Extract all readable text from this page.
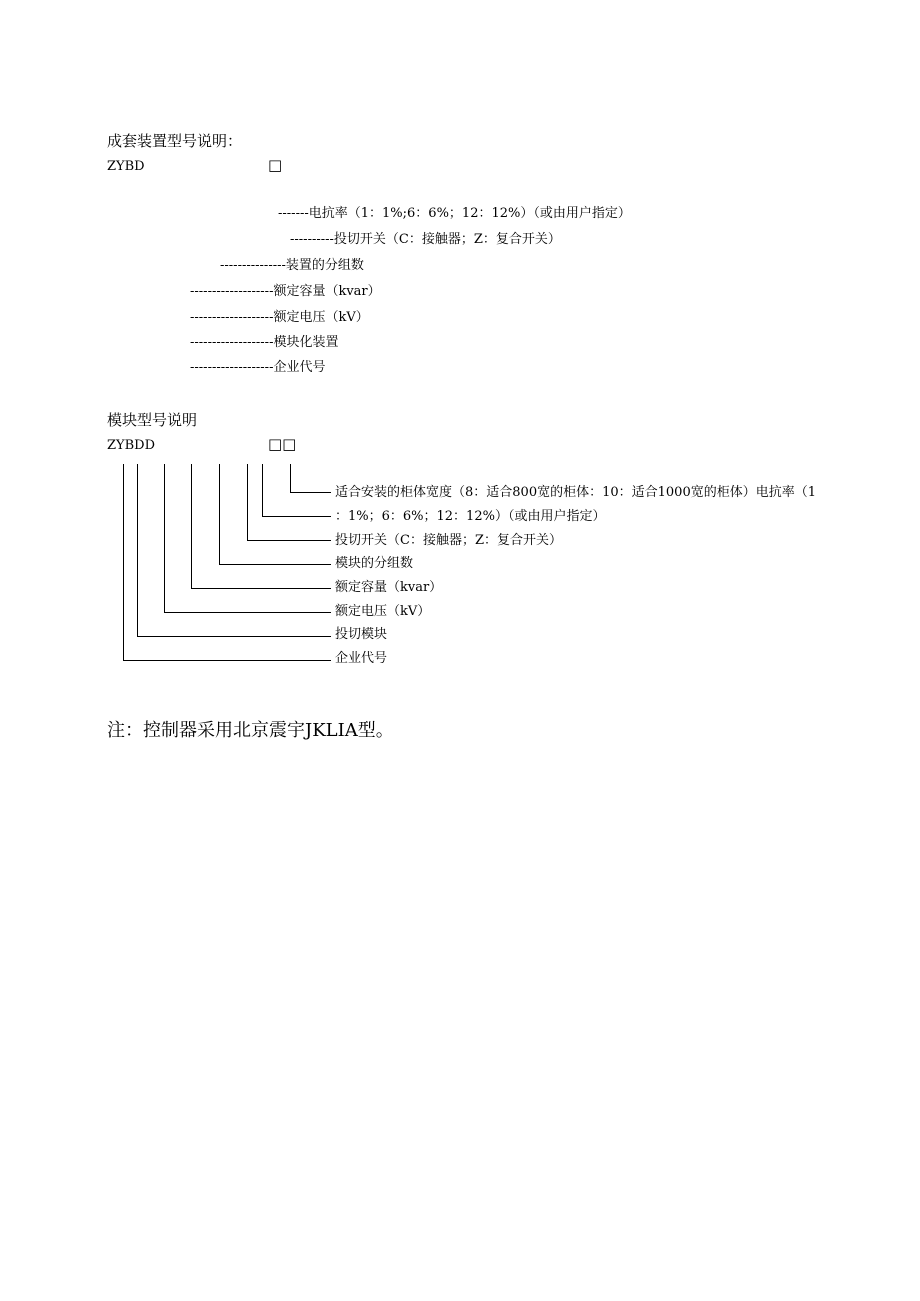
成套装置型号说明：
ZYBD	□
-------电抗率（1：1%;6：6%；12：12%）（或由用户指定）
----------投切开关（C：接触器；Z：复合开关）
---------------装置的分组数
-------------------额定容量（kvar）
-------------------额定电压（kV）
-------------------模块化装置
-------------------企业代号
模块型号说明
ZYBDD	□□
适合安装的柜体宽度（8：适合800宽的柜体：10：适合1000宽的柜体）电抗率（1
：1%；6：6%；12：12%）（或由用户指定）
投切开关（C：接触器；Z：复合开关）
模块的分组数
额定容量（kvar）
额定电压（kV）
投切模块
企业代号
注：控制器采用北京震宇JKLIA型。
